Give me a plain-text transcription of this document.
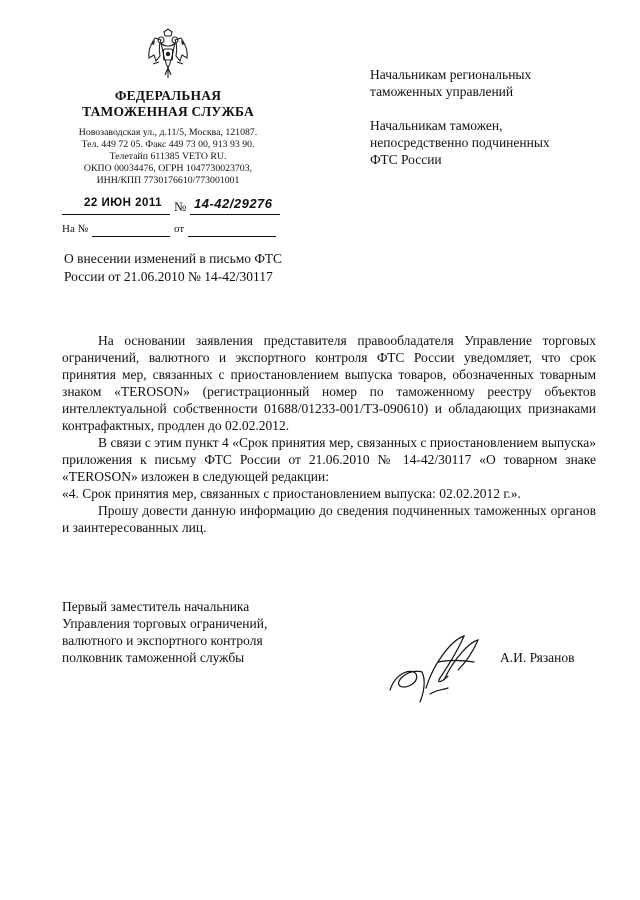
ФЕДЕРАЛЬНАЯ
ТАМОЖЕННАЯ СЛУЖБА
Новозаводская ул., д.11/5, Москва, 121087.
Тел. 449 72 05. Факс 449 73 00, 913 93 90.
Телетайп 611385 VETO RU.
ОКПО 00034476, ОГРН 1047730023703,
ИНН/КПП 7730176610/773001001
22 ИЮН 2011 № 14-42/29276
На №	от
Начальникам региональных
таможенных управлений
Начальникам таможен,
непосредственно подчиненных
ФТС России
О внесении изменений в письмо ФТС
России от 21.06.2010 № 14-42/30117

На основании заявления представителя правообладателя Управление торговых ограничений, валютного и экспортного контроля ФТС России уведомляет, что срок принятия мер, связанных с приостановлением выпуска товаров, обозначенных товарным знаком «TEROSON» (регистрационный номер по таможенному реестру объектов интеллектуальной собственности 01688/01233-001/ТЗ-090610) и обладающих признаками контрафактных, продлен до 02.02.2012.

В связи с этим пункт 4 «Срок принятия мер, связанных с приостановлением выпуска» приложения к письму ФТС России от 21.06.2010 № 14-42/30117 «О товарном знаке «TEROSON» изложен в следующей редакции:

«4. Срок принятия мер, связанных с приостановлением выпуска: 02.02.2012 г.».

Прошу довести данную информацию до сведения подчиненных таможенных органов и заинтересованных лиц.

Первый заместитель начальника
Управления торговых ограничений,
валютного и экспортного контроля
полковник таможенной службы	А.И. Рязанов
